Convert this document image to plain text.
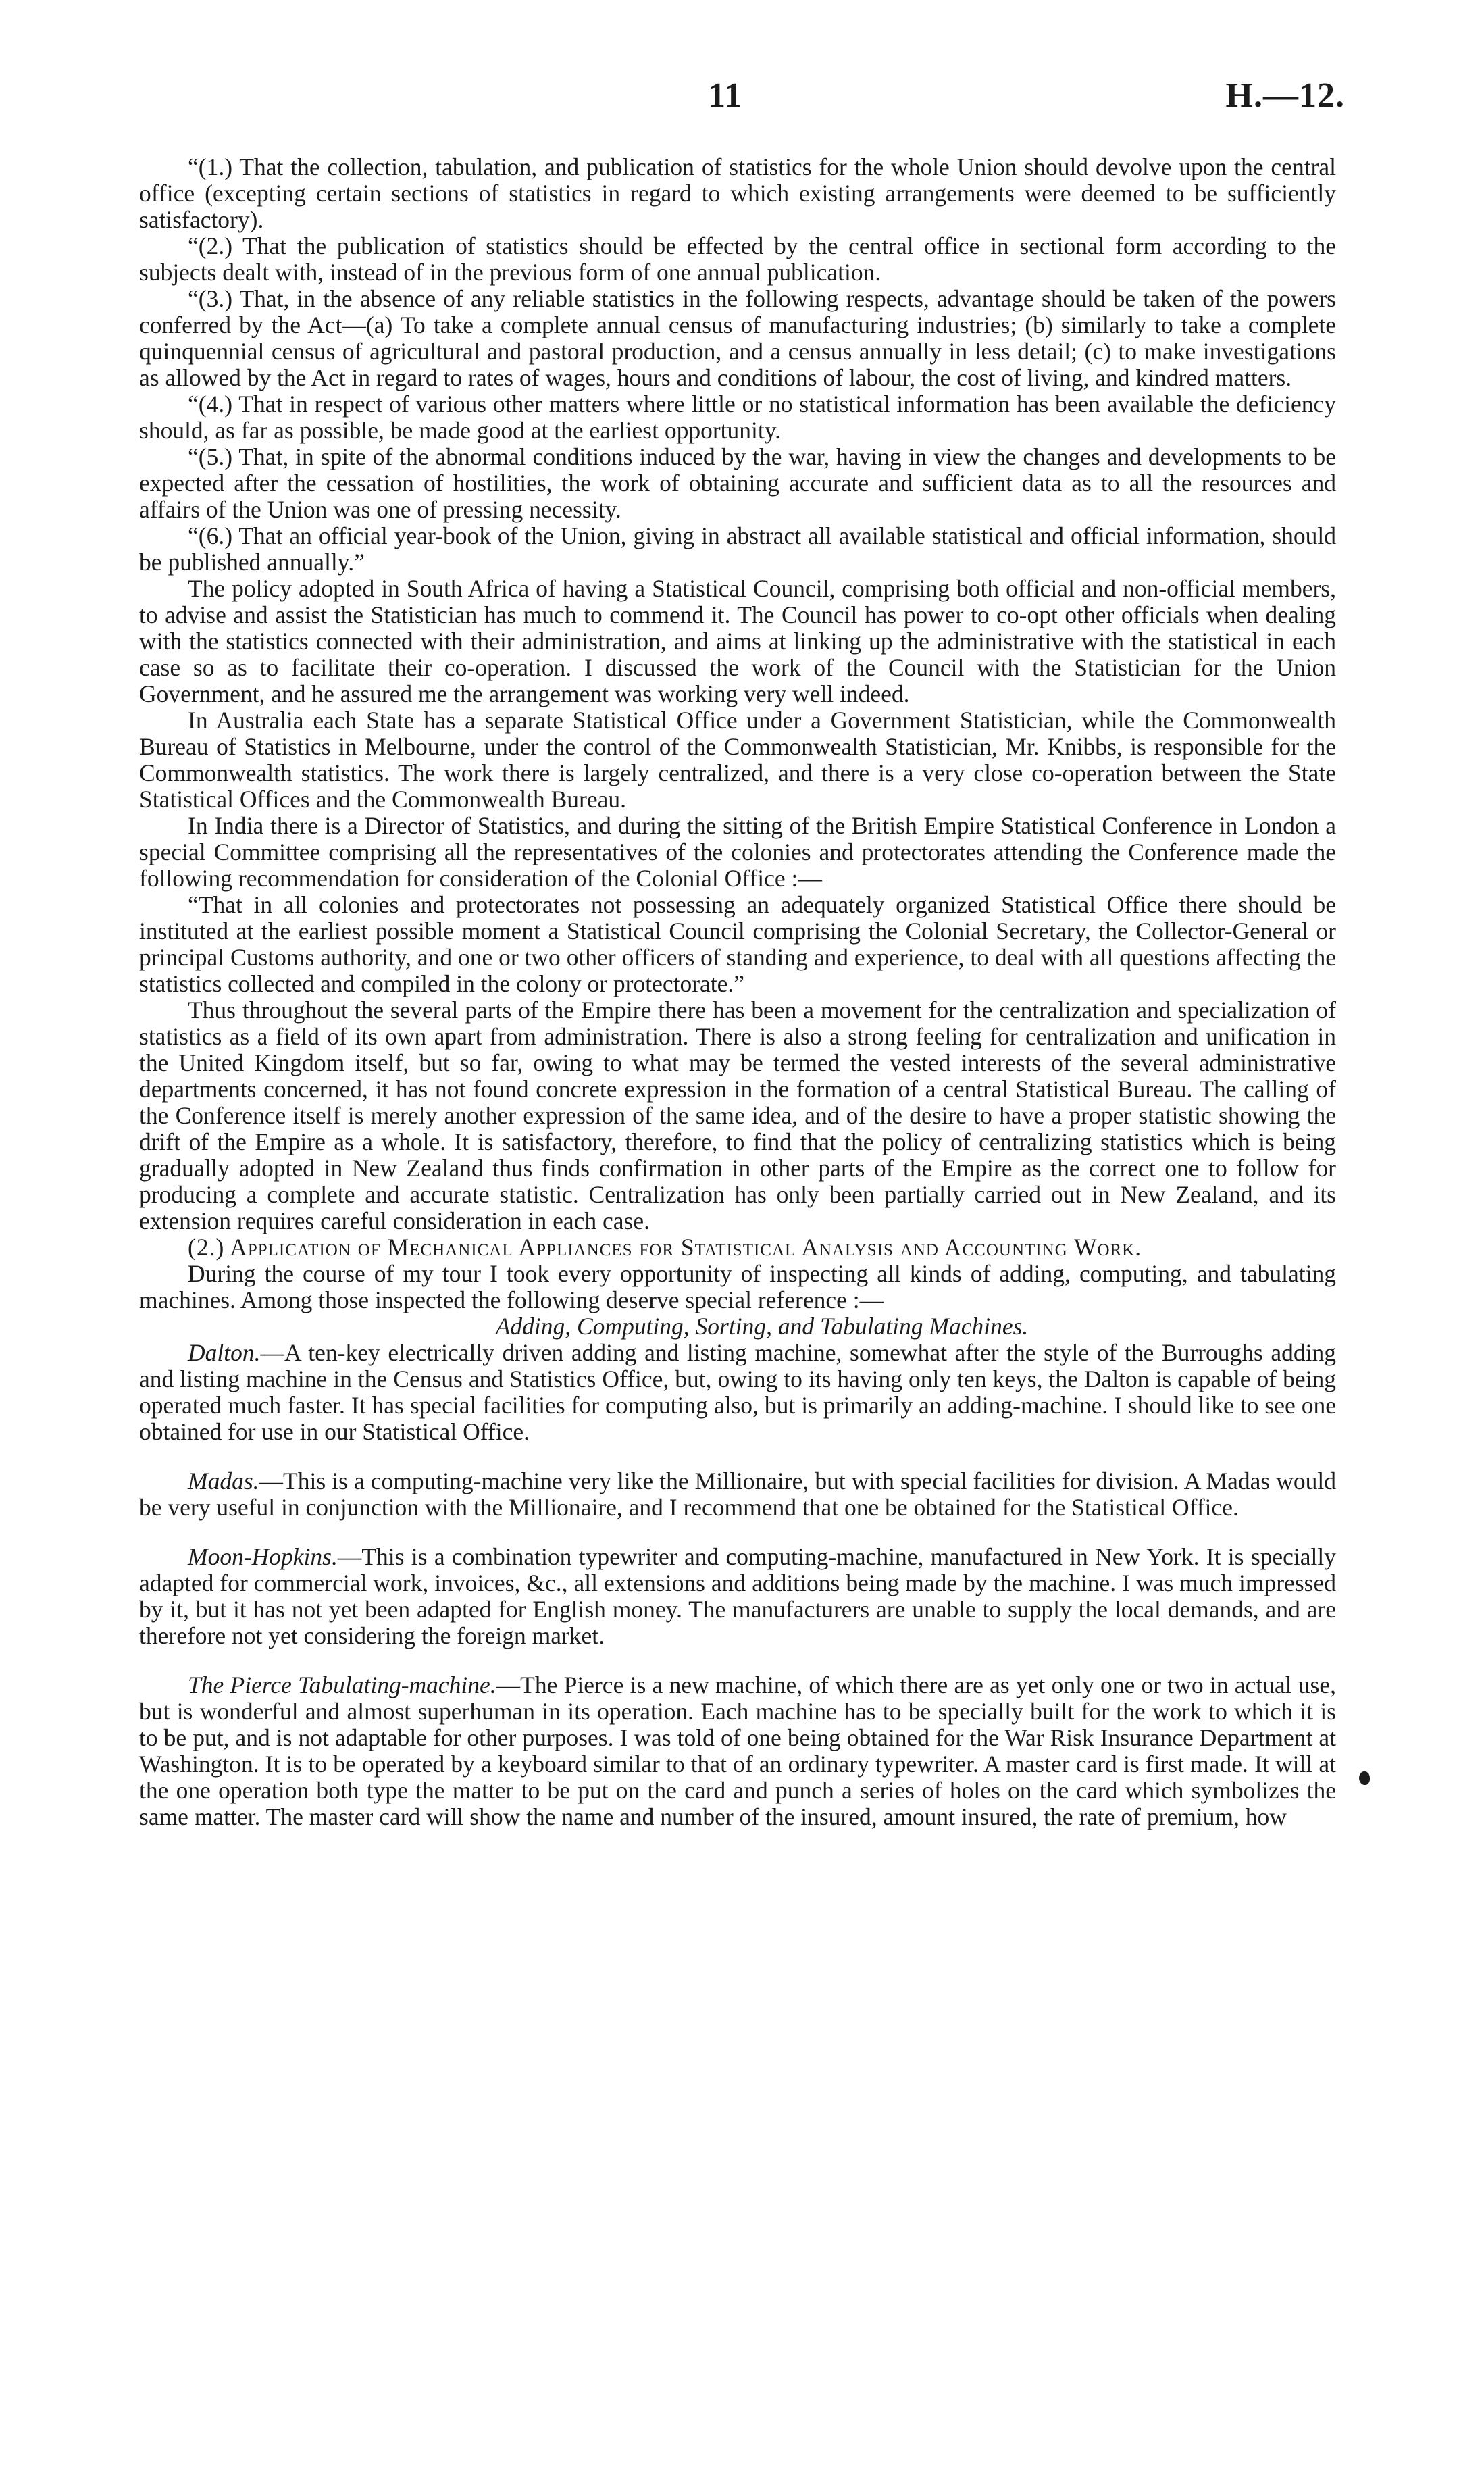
11	H.—12.

“(1.) That the collection, tabulation, and publication of statistics for the whole Union should devolve upon the central office (excepting certain sections of statistics in regard to which existing arrangements were deemed to be sufficiently satisfactory).

“(2.) That the publication of statistics should be effected by the central office in sectional form according to the subjects dealt with, instead of in the previous form of one annual publication.

“(3.) That, in the absence of any reliable statistics in the following respects, advantage should be taken of the powers conferred by the Act—(a) To take a complete annual census of manufacturing industries; (b) similarly to take a complete quinquennial census of agricultural and pastoral production, and a census annually in less detail; (c) to make investigations as allowed by the Act in regard to rates of wages, hours and conditions of labour, the cost of living, and kindred matters.

“(4.) That in respect of various other matters where little or no statistical information has been available the deficiency should, as far as possible, be made good at the earliest opportunity.

“(5.) That, in spite of the abnormal conditions induced by the war, having in view the changes and developments to be expected after the cessation of hostilities, the work of obtaining accurate and sufficient data as to all the resources and affairs of the Union was one of pressing necessity.

“(6.) That an official year-book of the Union, giving in abstract all available statistical and official information, should be published annually.”

The policy adopted in South Africa of having a Statistical Council, comprising both official and non-official members, to advise and assist the Statistician has much to commend it. The Council has power to co-opt other officials when dealing with the statistics connected with their administration, and aims at linking up the administrative with the statistical in each case so as to facilitate their co-operation. I discussed the work of the Council with the Statistician for the Union Government, and he assured me the arrangement was working very well indeed.

In Australia each State has a separate Statistical Office under a Government Statistician, while the Commonwealth Bureau of Statistics in Melbourne, under the control of the Commonwealth Statistician, Mr. Knibbs, is responsible for the Commonwealth statistics. The work there is largely centralized, and there is a very close co-operation between the State Statistical Offices and the Commonwealth Bureau.

In India there is a Director of Statistics, and during the sitting of the British Empire Statistical Conference in London a special Committee comprising all the representatives of the colonies and protectorates attending the Conference made the following recommendation for consideration of the Colonial Office :—

“That in all colonies and protectorates not possessing an adequately organized Statistical Office there should be instituted at the earliest possible moment a Statistical Council comprising the Colonial Secretary, the Collector-General or principal Customs authority, and one or two other officers of standing and experience, to deal with all questions affecting the statistics collected and compiled in the colony or protectorate.”

Thus throughout the several parts of the Empire there has been a movement for the centralization and specialization of statistics as a field of its own apart from administration. There is also a strong feeling for centralization and unification in the United Kingdom itself, but so far, owing to what may be termed the vested interests of the several administrative departments concerned, it has not found concrete expression in the formation of a central Statistical Bureau. The calling of the Conference itself is merely another expression of the same idea, and of the desire to have a proper statistic showing the drift of the Empire as a whole. It is satisfactory, therefore, to find that the policy of centralizing statistics which is being gradually adopted in New Zealand thus finds confirmation in other parts of the Empire as the correct one to follow for producing a complete and accurate statistic. Centralization has only been partially carried out in New Zealand, and its extension requires careful consideration in each case.

(2.) Application of Mechanical Appliances for Statistical Analysis and Accounting Work.

During the course of my tour I took every opportunity of inspecting all kinds of adding, computing, and tabulating machines. Among those inspected the following deserve special reference :—

Adding, Computing, Sorting, and Tabulating Machines.

Dalton.—A ten-key electrically driven adding and listing machine, somewhat after the style of the Burroughs adding and listing machine in the Census and Statistics Office, but, owing to its having only ten keys, the Dalton is capable of being operated much faster. It has special facilities for computing also, but is primarily an adding-machine. I should like to see one obtained for use in our Statistical Office.

Madas.—This is a computing-machine very like the Millionaire, but with special facilities for division. A Madas would be very useful in conjunction with the Millionaire, and I recommend that one be obtained for the Statistical Office.

Moon-Hopkins.—This is a combination typewriter and computing-machine, manufactured in New York. It is specially adapted for commercial work, invoices, &c., all extensions and additions being made by the machine. I was much impressed by it, but it has not yet been adapted for English money. The manufacturers are unable to supply the local demands, and are therefore not yet considering the foreign market.

The Pierce Tabulating-machine.—The Pierce is a new machine, of which there are as yet only one or two in actual use, but is wonderful and almost superhuman in its operation. Each machine has to be specially built for the work to which it is to be put, and is not adaptable for other purposes. I was told of one being obtained for the War Risk Insurance Department at Washington. It is to be operated by a keyboard similar to that of an ordinary typewriter. A master card is first made. It will at the one operation both type the matter to be put on the card and punch a series of holes on the card which symbolizes the same matter. The master card will show the name and number of the insured, amount insured, the rate of premium, how
